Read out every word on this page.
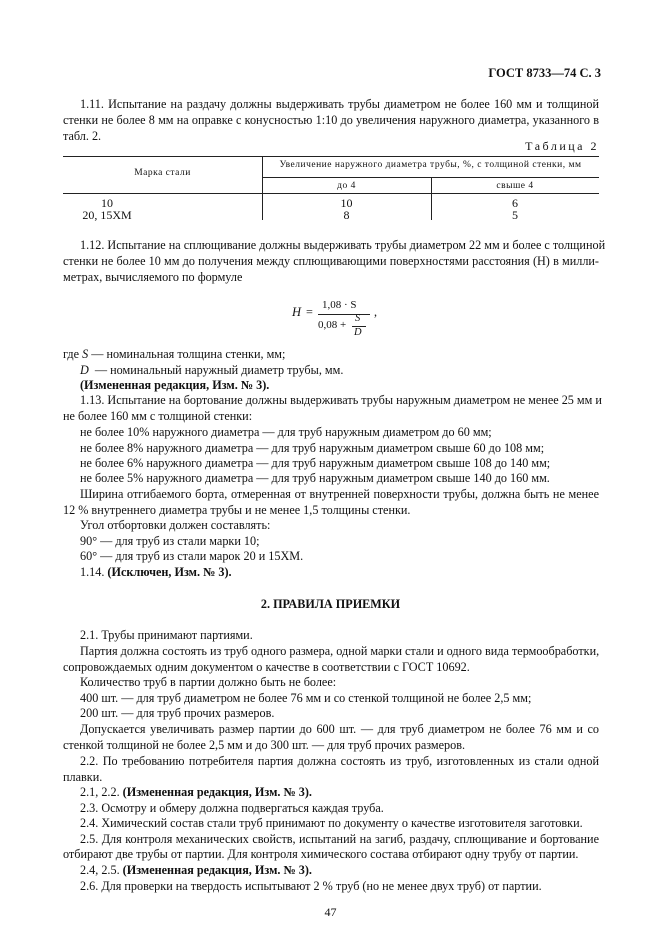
ГОСТ 8733—74 С. 3
1.11. Испытание на раздачу должны выдерживать трубы диаметром не более 160 мм и толщиной
стенки не более 8 мм на оправке с конусностью 1:10 до увеличения наружного диаметра, указанного в
табл. 2.
Таблица 2
Марка стали
Увеличение наружного диаметра трубы, %, с толщиной стенки, мм
до 4	свыше 4
10	10	6
20, 15ХМ	8	5
1.12. Испытание на сплющивание должны выдерживать трубы диаметром 22 мм и более с толщиной
стенки не более 10 мм до получения между сплющивающими поверхностями расстояния (H) в милли-
метрах, вычисляемого по формуле
H = 1,08 · S
0,08 +
S
D
,
где S — номинальная толщина стенки, мм;
D — номинальный наружный диаметр трубы, мм.
(Измененная редакция, Изм. № 3).
1.13. Испытание на бортование должны выдерживать трубы наружным диаметром не менее 25 мм и
не более 160 мм с толщиной стенки:
не более 10% наружного диаметра — для труб наружным диаметром до 60 мм;
не более 8% наружного диаметра — для труб наружным диаметром свыше 60 до 108 мм;
не более 6% наружного диаметра — для труб наружным диаметром свыше 108 до 140 мм;
не более 5% наружного диаметра — для труб наружным диаметром свыше 140 до 160 мм.
Ширина отгибаемого борта, отмеренная от внутренней поверхности трубы, должна быть не менее
12 % внутреннего диаметра трубы и не менее 1,5 толщины стенки.
Угол отбортовки должен составлять:
90° — для труб из стали марки 10;
60° — для труб из стали марок 20 и 15ХМ.
1.14. (Исключен, Изм. № 3).
2. ПРАВИЛА ПРИЕМКИ
2.1. Трубы принимают партиями.
Партия должна состоять из труб одного размера, одной марки стали и одного вида термообработки,
сопровождаемых одним документом о качестве в соответствии с ГОСТ 10692.
Количество труб в партии должно быть не более:
400 шт. — для труб диаметром не более 76 мм и со стенкой толщиной не более 2,5 мм;
200 шт. — для труб прочих размеров.
Допускается увеличивать размер партии до 600 шт. — для труб диаметром не более 76 мм и со
стенкой толщиной не более 2,5 мм и до 300 шт. — для труб прочих размеров.
2.2. По требованию потребителя партия должна состоять из труб, изготовленных из стали одной
плавки.
2.1, 2.2. (Измененная редакция, Изм. № 3).
2.3. Осмотру и обмеру должна подвергаться каждая труба.
2.4. Химический состав стали труб принимают по документу о качестве изготовителя заготовки.
2.5. Для контроля механических свойств, испытаний на загиб, раздачу, сплющивание и бортование
отбирают две трубы от партии. Для контроля химического состава отбирают одну трубу от партии.
2.4, 2.5. (Измененная редакция, Изм. № 3).
2.6. Для проверки на твердость испытывают 2 % труб (но не менее двух труб) от партии.
47
